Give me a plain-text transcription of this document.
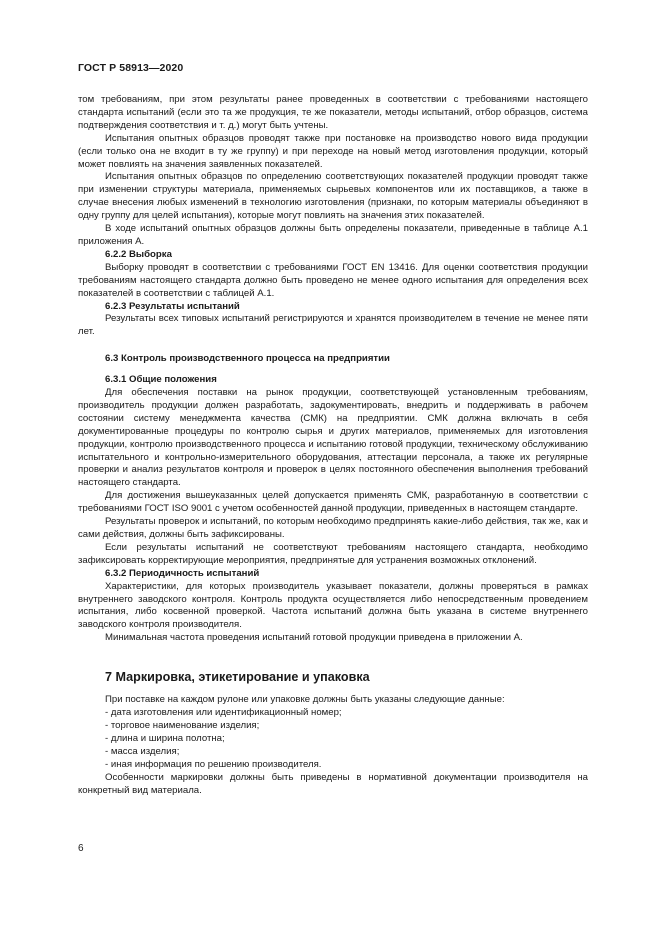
ГОСТ Р 58913—2020

том требованиям, при этом результаты ранее проведенных в соответствии с требованиями настоящего стандарта испытаний (если это та же продукция, те же показатели, методы испытаний, отбор образцов, система подтверждения соответствия и т. д.) могут быть учтены.

Испытания опытных образцов проводят также при постановке на производство нового вида продукции (если только она не входит в ту же группу) и при переходе на новый метод изготовления продукции, который может повлиять на значения заявленных показателей.

Испытания опытных образцов по определению соответствующих показателей продукции проводят также при изменении структуры материала, применяемых сырьевых компонентов или их поставщиков, а также в случае внесения любых изменений в технологию изготовления (признаки, по которым материалы объединяют в одну группу для целей испытания), которые могут повлиять на значения этих показателей.

В ходе испытаний опытных образцов должны быть определены показатели, приведенные в таблице А.1 приложения А.

6.2.2 Выборка

Выборку проводят в соответствии с требованиями ГОСТ EN 13416. Для оценки соответствия продукции требованиям настоящего стандарта должно быть проведено не менее одного испытания для определения всех показателей в соответствии с таблицей А.1.

6.2.3 Результаты испытаний

Результаты всех типовых испытаний регистрируются и хранятся производителем в течение не менее пяти лет.

6.3 Контроль производственного процесса на предприятии

6.3.1 Общие положения

Для обеспечения поставки на рынок продукции, соответствующей установленным требованиям, производитель продукции должен разработать, задокументировать, внедрить и поддерживать в рабочем состоянии систему менеджмента качества (СМК) на предприятии. СМК должна включать в себя документированные процедуры по контролю сырья и других материалов, применяемых для изготовления продукции, контролю производственного процесса и испытанию готовой продукции, техническому обслуживанию испытательного и контрольно-измерительного оборудования, аттестации персонала, а также их регулярные проверки и анализ результатов контроля и проверок в целях постоянного обеспечения выполнения требований настоящего стандарта.

Для достижения вышеуказанных целей допускается применять СМК, разработанную в соответствии с требованиями ГОСТ ISO 9001 с учетом особенностей данной продукции, приведенных в настоящем стандарте.

Результаты проверок и испытаний, по которым необходимо предпринять какие-либо действия, так же, как и сами действия, должны быть зафиксированы.

Если результаты испытаний не соответствуют требованиям настоящего стандарта, необходимо зафиксировать корректирующие мероприятия, предпринятые для устранения возможных отклонений.

6.3.2 Периодичность испытаний

Характеристики, для которых производитель указывает показатели, должны проверяться в рамках внутреннего заводского контроля. Контроль продукта осуществляется либо непосредственным проведением испытания, либо косвенной проверкой. Частота испытаний должна быть указана в системе внутреннего заводского контроля производителя.

Минимальная частота проведения испытаний готовой продукции приведена в приложении А.

7 Маркировка, этикетирование и упаковка

При поставке на каждом рулоне или упаковке должны быть указаны следующие данные:

- дата изготовления или идентификационный номер;

- торговое наименование изделия;

- длина и ширина полотна;

- масса изделия;

- иная информация по решению производителя.

Особенности маркировки должны быть приведены в нормативной документации производителя на конкретный вид материала.

6
